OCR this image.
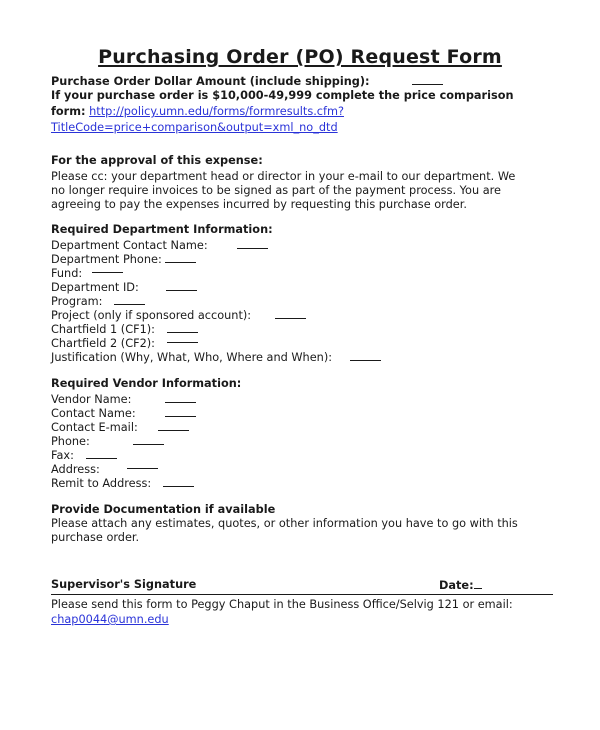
Purchasing Order (PO) Request Form
Purchase Order Dollar Amount (include shipping):
If your purchase order is $10,000-49,999 complete the price comparison
form: http://policy.umn.edu/forms/formresults.cfm?
TitleCode=price+comparison&output=xml_no_dtd
For the approval of this expense:
Please cc: your department head or director in your e-mail to our department. We
no longer require invoices to be signed as part of the payment process. You are
agreeing to pay the expenses incurred by requesting this purchase order.
Required Department Information:
Department Contact Name:
Department Phone:
Fund:
Department ID:
Program:
Project (only if sponsored account):
Chartfield 1 (CF1):
Chartfield 2 (CF2):
Justification (Why, What, Who, Where and When):
Required Vendor Information:
Vendor Name:
Contact Name:
Contact E-mail:
Phone:
Fax:
Address:
Remit to Address:
Provide Documentation if available
Please attach any estimates, quotes, or other information you have to go with this
purchase order.
Supervisor's Signature	Date:
Please send this form to Peggy Chaput in the Business Office/Selvig 121 or email:
chap0044@umn.edu
